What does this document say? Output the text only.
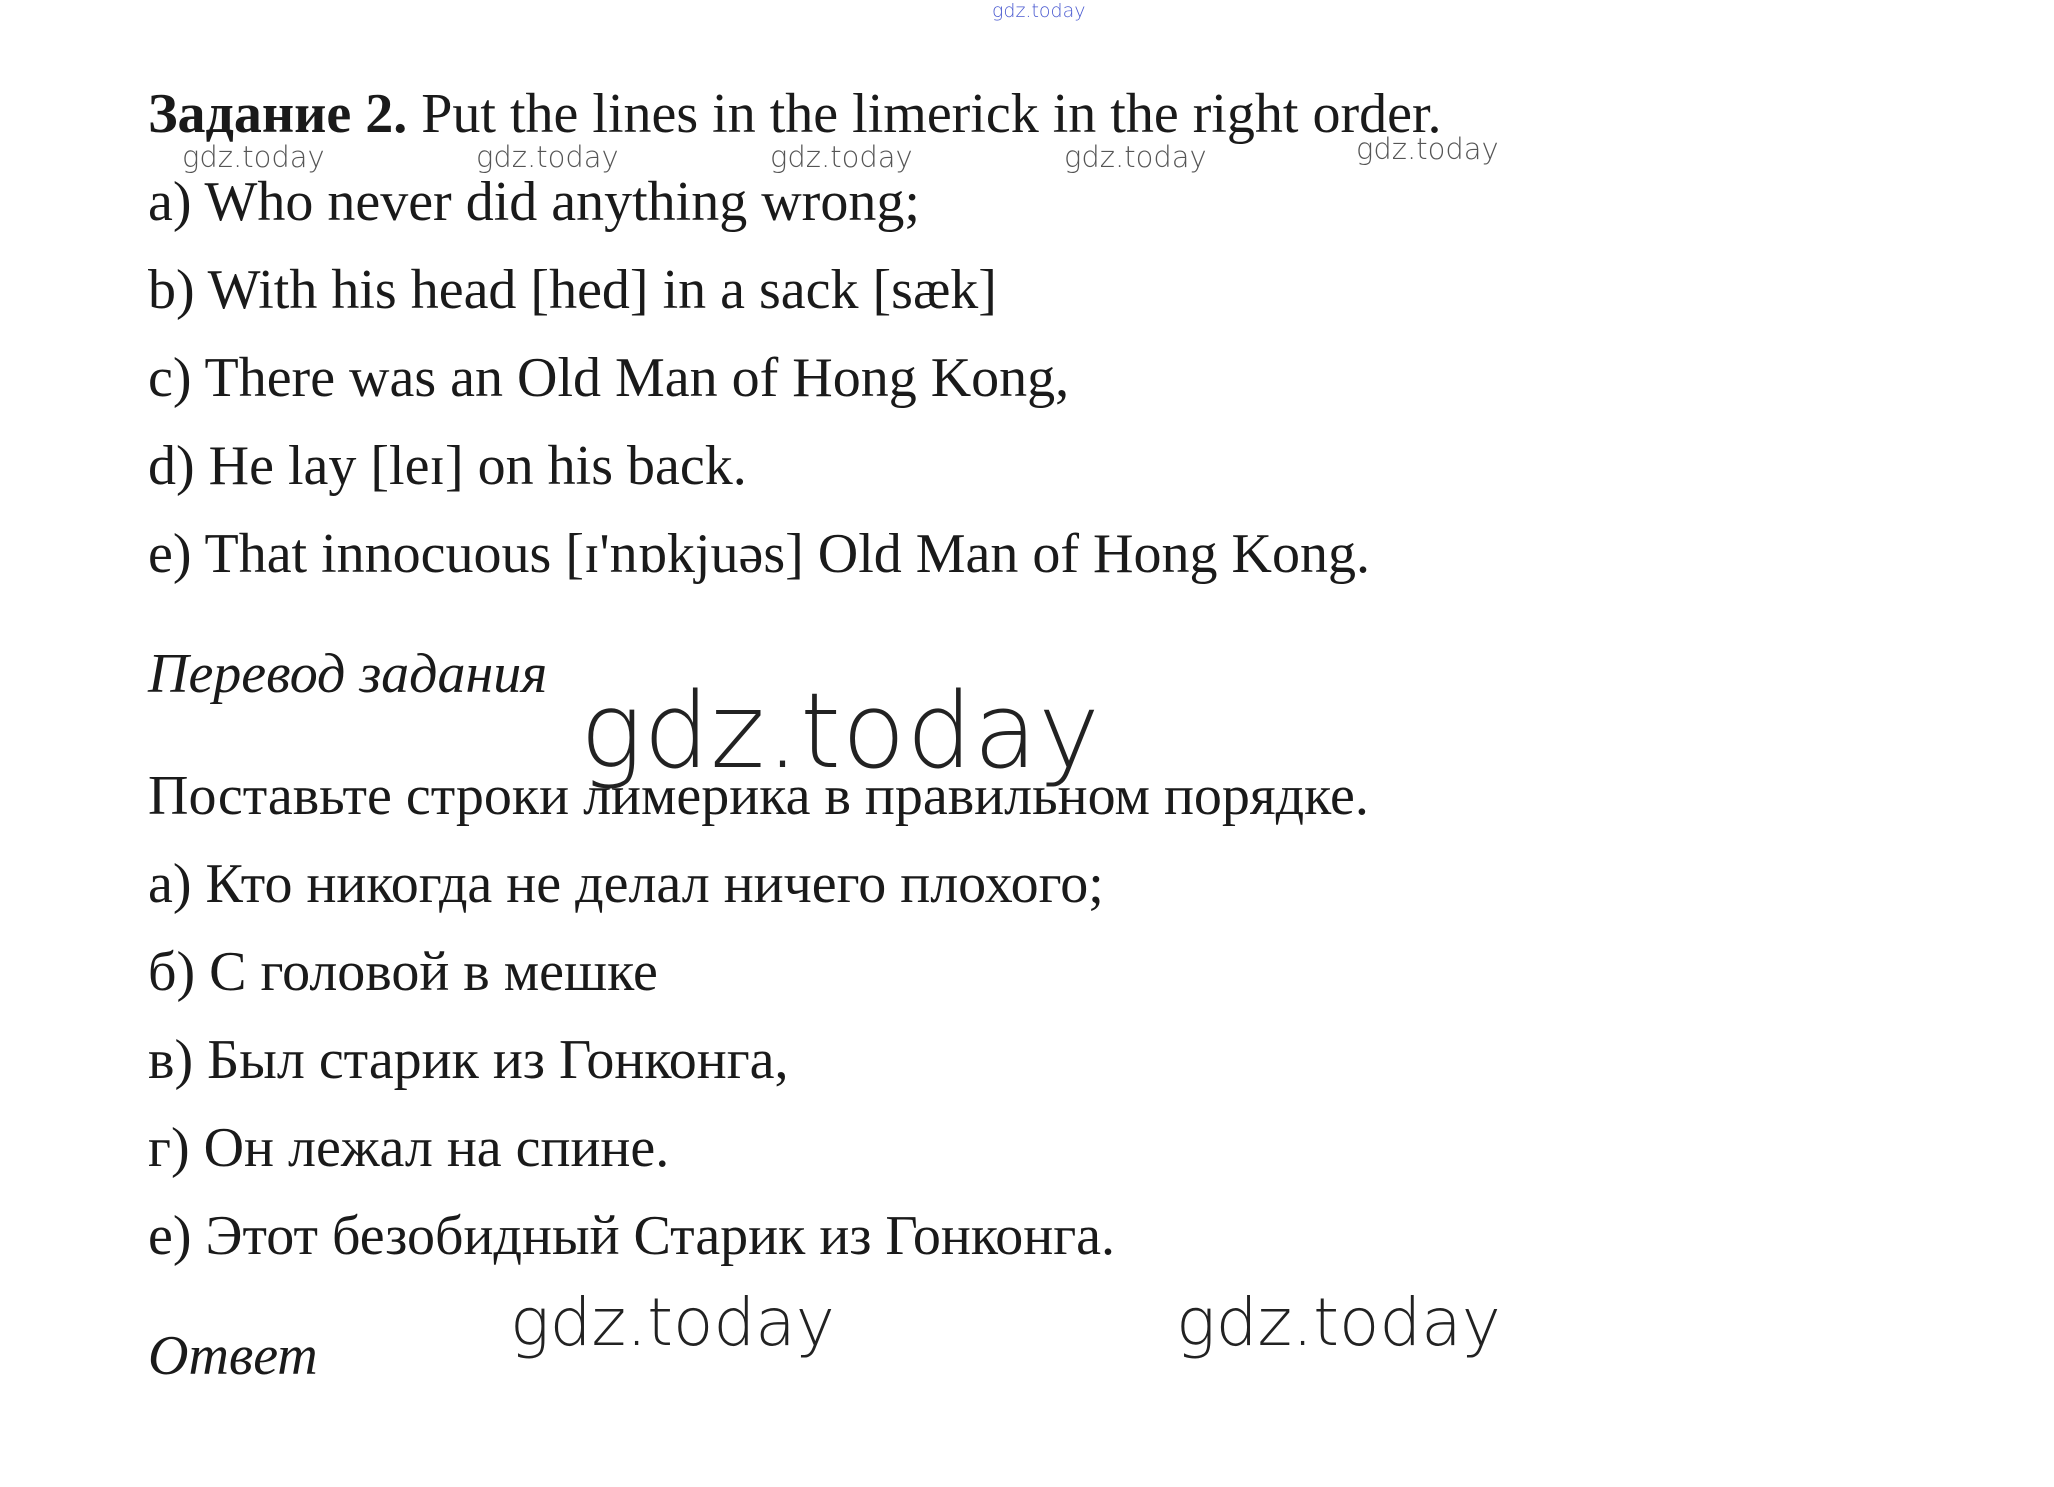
gdz.today
Задание 2. Put the lines in the limerick in the right order.
gdz.today	gdz.today	gdz.today	gdz.today	gdz.today
a) Who never did anything wrong;
b) With his head [hed] in a sack [sæk]
c) There was an Old Man of Hong Kong,
d) He lay [leɪ] on his back.
e) That innocuous [ɪ'nɒkjuəs] Old Man of Hong Kong.
Перевод задания gdz.today
Поставьте строки лимерика в правильном порядке.
а) Кто никогда не делал ничего плохого;
б) С головой в мешке
в) Был старик из Гонконга,
г) Он лежал на спине.
е) Этот безобидный Старик из Гонконга.
gdz.today	gdz.today
Ответ
